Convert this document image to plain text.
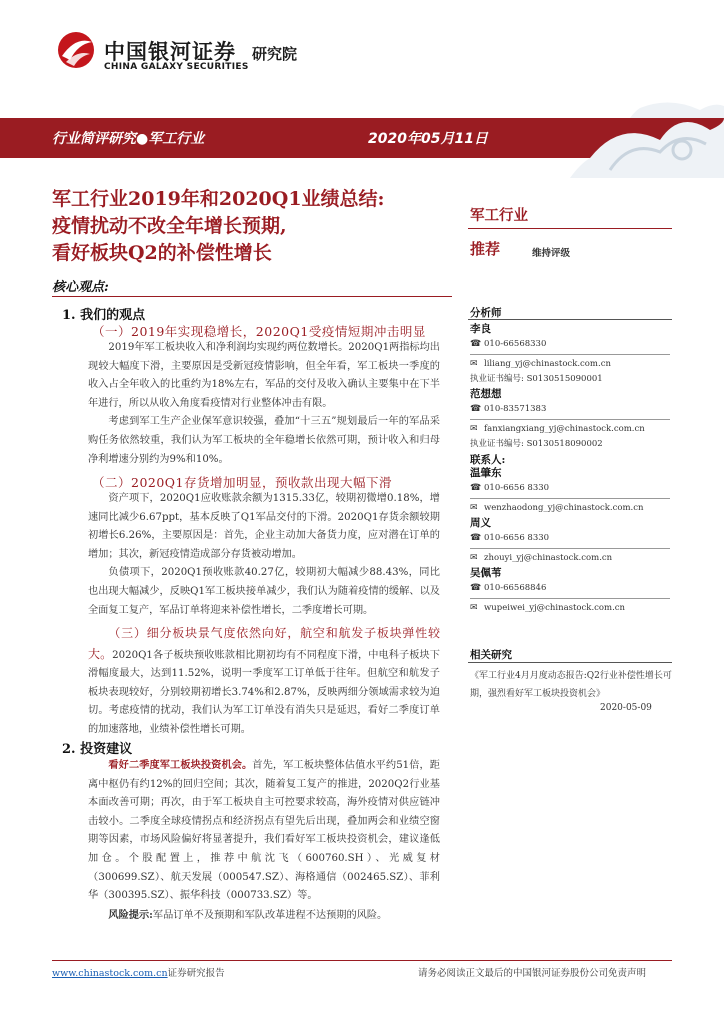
中国银河证券
CHINA GALAXY SECURITIES
研究院
行业简评研究●军工行业	2020年05月11日
军工行业2019年和2020Q1业绩总结:
疫情扰动不改全年增长预期,
看好板块Q2的补偿性增长
核心观点:
1. 我们的观点
（一）2019年实现稳增长，2020Q1受疫情短期冲击明显

2019年军工板块收入和净利润均实现约两位数增长。2020Q1两指标均出现较大幅度下滑，主要原因是受新冠疫情影响，但全年看，军工板块一季度的收入占全年收入的比重约为18%左右，军品的交付及收入确认主要集中在下半年进行，所以从收入角度看疫情对行业整体冲击有限。

考虑到军工生产企业保军意识较强，叠加“十三五”规划最后一年的军品采购任务依然较重，我们认为军工板块的全年稳增长依然可期，预计收入和归母净利增速分别约为9%和10%。

（二）2020Q1存货增加明显，预收款出现大幅下滑

资产项下，2020Q1应收账款余额为1315.33亿，较期初微增0.18%，增速同比减少6.67ppt，基本反映了Q1军品交付的下滑。2020Q1存货余额较期初增长6.26%，主要原因是：首先，企业主动加大备货力度，应对潜在订单的增加；其次，新冠疫情造成部分存货被动增加。

负债项下，2020Q1预收账款40.27亿，较期初大幅减少88.43%，同比也出现大幅减少，反映Q1军工板块接单减少，我们认为随着疫情的缓解、以及全面复工复产，军品订单将迎来补偿性增长，二季度增长可期。

（三）细分板块景气度依然向好，航空和航发子板块弹性较大。2020Q1各子板块预收账款相比期初均有不同程度下滑，中电科子板块下滑幅度最大，达到11.52%，说明一季度军工订单低于往年。但航空和航发子板块表现较好，分别较期初增长3.74%和2.87%，反映两细分领域需求较为迫切。考虑疫情的扰动，我们认为军工订单没有消失只是延迟，看好二季度订单的加速落地，业绩补偿性增长可期。

2. 投资建议

看好二季度军工板块投资机会。首先，军工板块整体估值水平约51倍，距离中枢仍有约12%的回归空间；其次，随着复工复产的推进，2020Q2行业基本面改善可期；再次，由于军工板块自主可控要求较高，海外疫情对供应链冲击较小。二季度全球疫情拐点和经济拐点有望先后出现，叠加两会和业绩空窗期等因素，市场风险偏好将显著提升，我们看好军工板块投资机会，建议逢低加仓。个股配置上，推荐中航沈飞（600760.SH）、光威复材（300699.SZ）、航天发展（000547.SZ）、海格通信（002465.SZ）、菲利华（300395.SZ）、振华科技（000733.SZ）等。

风险提示:军品订单不及预期和军队改革进程不达预期的风险。

军工行业
推荐	维持评级
分析师
李良
☎ 010-66568330
✉ liliang_yj@chinastock.com.cn
执业证书编号: S0130515090001
范想想
☎ 010-83571383
✉ fanxiangxiang_yj@chinastock.com.cn
执业证书编号: S0130518090002
联系人:
温肇东
☎ 010-6656 8330
✉ wenzhaodong_yj@chinastock.com.cn
周义
☎ 010-6656 8330
✉ zhouyi_yj@chinastock.com.cn
吴佩苇
☎ 010-66568846
✉ wupeiwei_yj@chinastock.com.cn
相关研究
《军工行业4月月度动态报告:Q2行业补偿性增长可期，强烈看好军工板块投资机会》
2020-05-09
www.chinastock.com.cn证券研究报告	请务必阅读正文最后的中国银河证券股份公司免责声明
